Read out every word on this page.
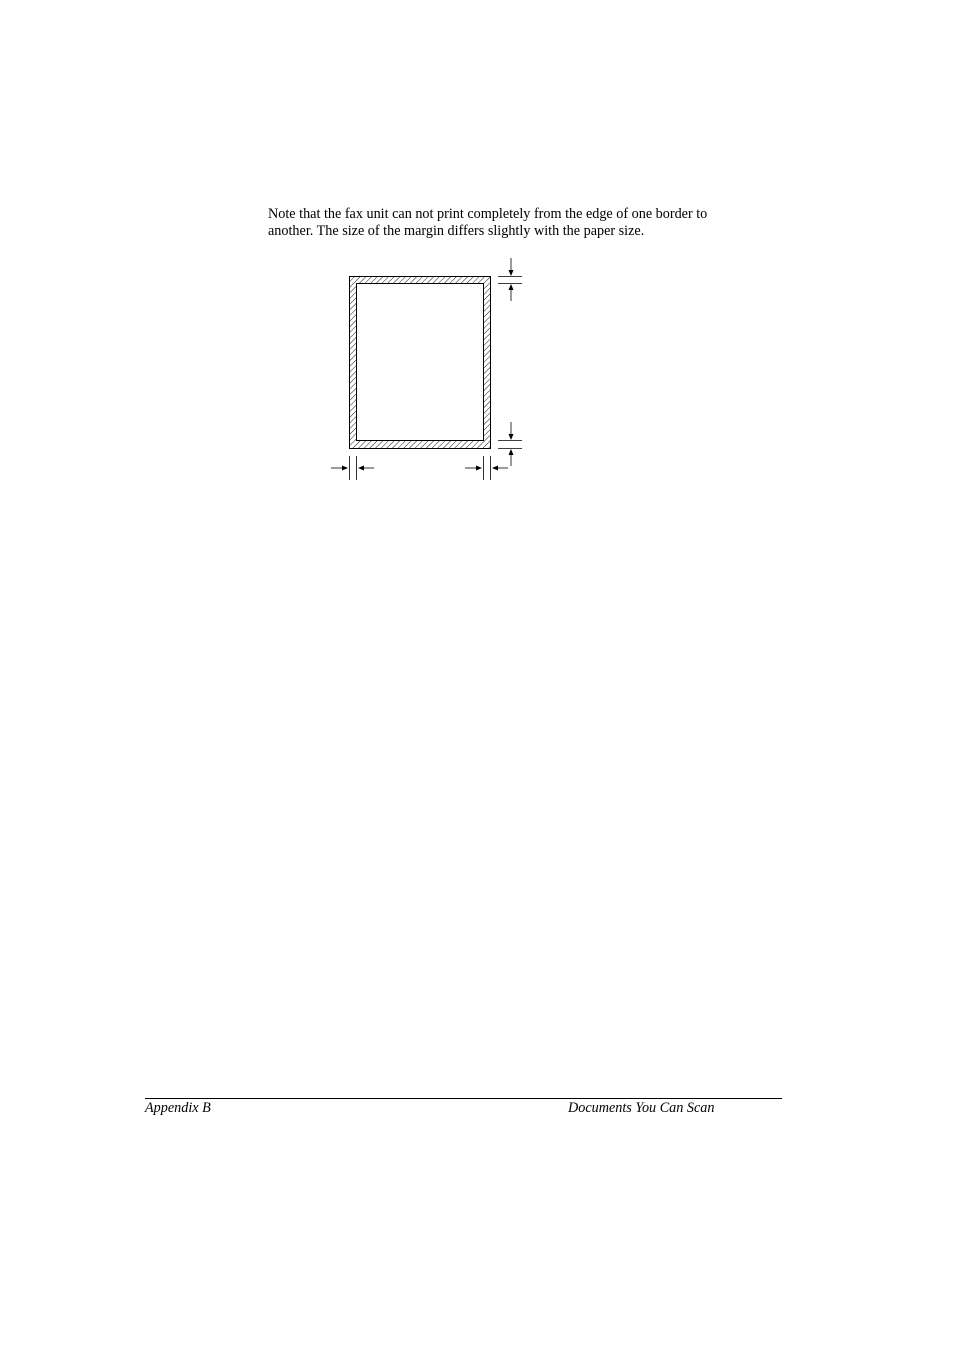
Note that the fax unit can not print completely from the edge of one border to
another. The size of the margin differs slightly with the paper size.

Appendix B	Documents You Can Scan
